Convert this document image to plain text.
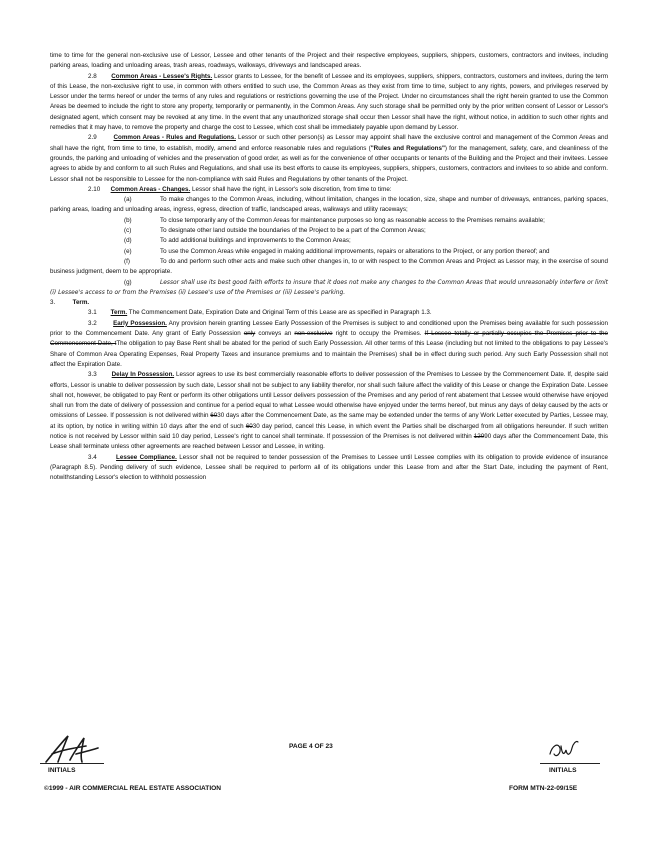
time to time for the general non-exclusive use of Lessor, Lessee and other tenants of the Project and their respective employees, suppliers, shippers, customers, contractors and invitees, including parking areas, loading and unloading areas, trash areas, roadways, walkways, driveways and landscaped areas.

2.8 Common Areas - Lessee's Rights. Lessor grants to Lessee, for the benefit of Lessee and its employees, suppliers, shippers, contractors, customers and invitees, during the term of this Lease, the non-exclusive right to use, in common with others entitled to such use, the Common Areas as they exist from time to time, subject to any rights, powers, and privileges reserved by Lessor under the terms hereof or under the terms of any rules and regulations or restrictions governing the use of the Project. Under no circumstances shall the right herein granted to use the Common Areas be deemed to include the right to store any property, temporarily or permanently, in the Common Areas. Any such storage shall be permitted only by the prior written consent of Lessor or Lessor's designated agent, which consent may be revoked at any time. In the event that any unauthorized storage shall occur then Lessor shall have the right, without notice, in addition to such other rights and remedies that it may have, to remove the property and charge the cost to Lessee, which cost shall be immediately payable upon demand by Lessor.

2.9	Common Areas - Rules and Regulations. Lessor or such other person(s) as Lessor may appoint shall have the exclusive control and management of the Common Areas and shall have the right, from time to time, to establish, modify, amend and enforce reasonable rules and regulations ("Rules and Regulations") for the management, safety, care, and cleanliness of the grounds, the parking and unloading of vehicles and the preservation of good order, as well as for the convenience of other occupants or tenants of the Building and the Project and their invitees. Lessee agrees to abide by and conform to all such Rules and Regulations, and shall use its best efforts to cause its employees, suppliers, shippers, customers, contractors and invitees to so abide and conform. Lessor shall not be responsible to Lessee for the non-compliance with said Rules and Regulations by other tenants of the Project.

2.10 Common Areas - Changes. Lessor shall have the right, in Lessor's sole discretion, from time to time:

(a)	To make changes to the Common Areas, including, without limitation, changes in the location, size, shape and number of driveways, entrances, parking spaces, parking areas, loading and unloading areas, ingress, egress, direction of traffic, landscaped areas, walkways and utility raceways;

(b)	To close temporarily any of the Common Areas for maintenance purposes so long as reasonable access to the Premises remains available;

(c)	To designate other land outside the boundaries of the Project to be a part of the Common Areas;

(d)	To add additional buildings and improvements to the Common Areas;

(e)	To use the Common Areas while engaged in making additional improvements, repairs or alterations to the Project, or any portion thereof; and

(f)	To do and perform such other acts and make such other changes in, to or with respect to the Common Areas and Project as Lessor may, in the exercise of sound business judgment, deem to be appropriate.

(g)	Lessor shall use its best good faith efforts to insure that it does not make any changes to the Common Areas that would unreasonably interfere or limit (i) Lessee's access to or from the Premises (ii) Lessee's use of the Premises or (iii) Lessee's parking.

3.	Term.

3.1 Term. The Commencement Date, Expiration Date and Original Term of this Lease are as specified in Paragraph 1.3.

3.2	Early Possession. Any provision herein granting Lessee Early Possession of the Premises is subject to and conditioned upon the Premises being available for such possession prior to the Commencement Date. Any grant of Early Possession only conveys an non-exclusive right to occupy the Premises. If Lessee totally or partially occupies the Premises prior to the Commencement Date, tThe obligation to pay Base Rent shall be abated for the period of such Early Possession. All other terms of this Lease (including but not limited to the obligations to pay Lessee's Share of Common Area Operating Expenses, Real Property Taxes and insurance premiums and to maintain the Premises) shall be in effect during such period. Any such Early Possession shall not affect the Expiration Date.

3.3 Delay In Possession. Lessor agrees to use its best commercially reasonable efforts to deliver possession of the Premises to Lessee by the Commencement Date. If, despite said efforts, Lessor is unable to deliver possession by such date, Lessor shall not be subject to any liability therefor, nor shall such failure affect the validity of this Lease or change the Expiration Date. Lessee shall not, however, be obligated to pay Rent or perform its other obligations until Lessor delivers possession of the Premises and any period of rent abatement that Lessee would otherwise have enjoyed shall run from the date of delivery of possession and continue for a period equal to what Lessee would otherwise have enjoyed under the terms hereof, but minus any days of delay caused by the acts or omissions of Lessee. If possession is not delivered within 6030 days after the Commencement Date, as the same may be extended under the terms of any Work Letter executed by Parties, Lessee may, at its option, by notice in writing within 10 days after the end of such 6030 day period, cancel this Lease, in which event the Parties shall be discharged from all obligations hereunder. If such written notice is not received by Lessor within said 10 day period, Lessee's right to cancel shall terminate. If possession of the Premises is not delivered within 12090 days after the Commencement Date, this Lease shall terminate unless other agreements are reached between Lessor and Lessee, in writing.

3.4	Lessee Compliance. Lessor shall not be required to tender possession of the Premises to Lessee until Lessee complies with its obligation to provide evidence of insurance (Paragraph 8.5). Pending delivery of such evidence, Lessee shall be required to perform all of its obligations under this Lease from and after the Start Date, including the payment of Rent, notwithstanding Lessor's election to withhold possession

INITIALS
PAGE 4 OF 23
INITIALS
©1999 - AIR COMMERCIAL REAL ESTATE ASSOCIATION	FORM MTN-22-09/15E
